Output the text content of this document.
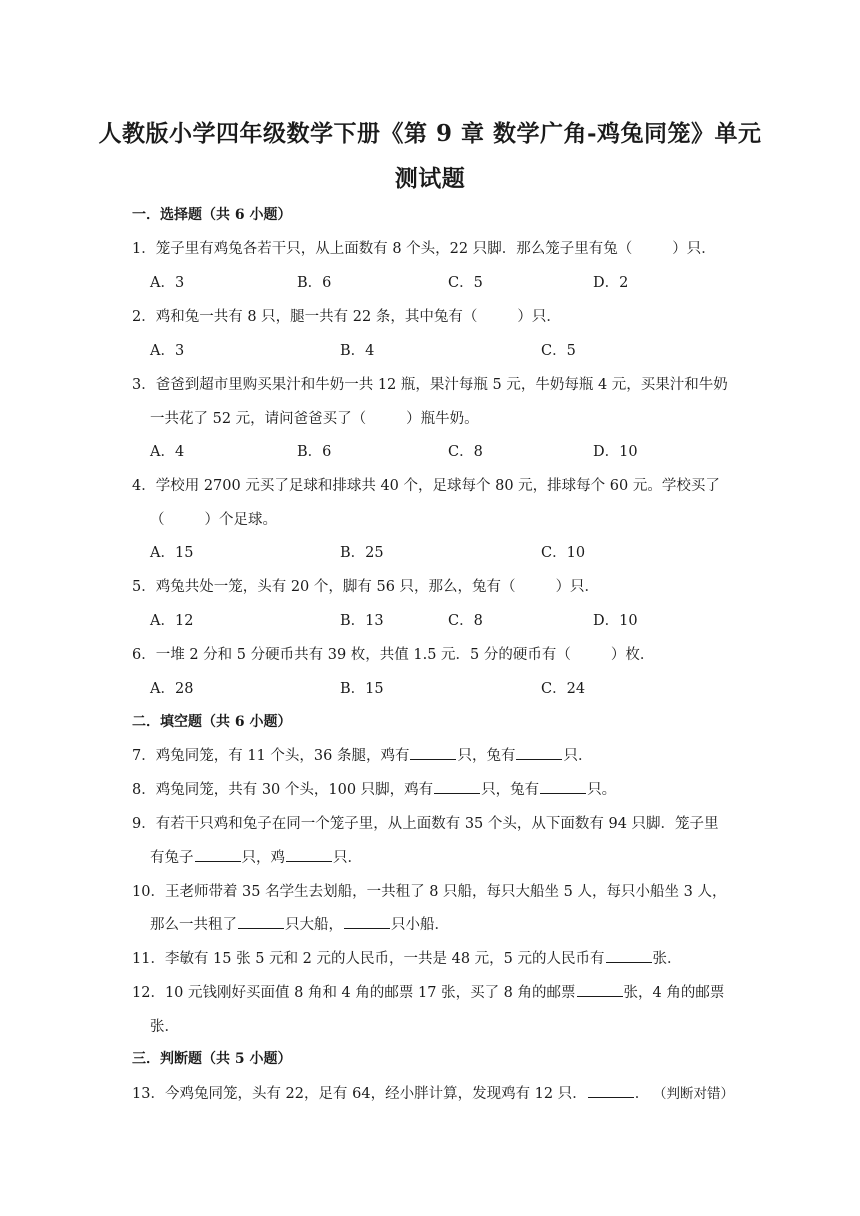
人教版小学四年级数学下册《第 9 章 数学广角-鸡兔同笼》单元
测试题
一．选择题（共 6 小题）
1．笼子里有鸡兔各若干只，从上面数有 8 个头，22 只脚．那么笼子里有兔（	）只．
A．3	B．6	C．5	D．2
2．鸡和兔一共有 8 只，腿一共有 22 条，其中兔有（	）只．
A．3	B．4	C．5
3．爸爸到超市里购买果汁和牛奶一共 12 瓶，果汁每瓶 5 元，牛奶每瓶 4 元，买果汁和牛奶
一共花了 52 元，请问爸爸买了（	）瓶牛奶。
A．4	B．6	C．8	D．10
4．学校用 2700 元买了足球和排球共 40 个，足球每个 80 元，排球每个 60 元。学校买了
（	）个足球。
A．15	B．25	C．10
5．鸡兔共处一笼，头有 20 个，脚有 56 只，那么，兔有（	）只．
A．12	B．13	C．8	D．10
6．一堆 2 分和 5 分硬币共有 39 枚，共值 1.5 元．5 分的硬币有（	）枚．
A．28	B．15	C．24
二．填空题（共 6 小题）
7．鸡兔同笼，有 11 个头，36 条腿，鸡有	只，兔有	只．
8．鸡兔同笼，共有 30 个头，100 只脚，鸡有	只，兔有	只。
9．有若干只鸡和兔子在同一个笼子里，从上面数有 35 个头，从下面数有 94 只脚．笼子里
有兔子	只，鸡	只．
10．王老师带着 35 名学生去划船，一共租了 8 只船，每只大船坐 5 人，每只小船坐 3 人，
那么一共租了	只大船，	只小船．
11．李敏有 15 张 5 元和 2 元的人民币，一共是 48 元，5 元的人民币有	张．
12．10 元钱刚好买面值 8 角和 4 角的邮票 17 张，买了 8 角的邮票	张，4 角的邮票
张．
三．判断题（共 5 小题）
13．今鸡兔同笼，头有 22，足有 64，经小胖计算，发现鸡有 12 只．	． （判断对错）
